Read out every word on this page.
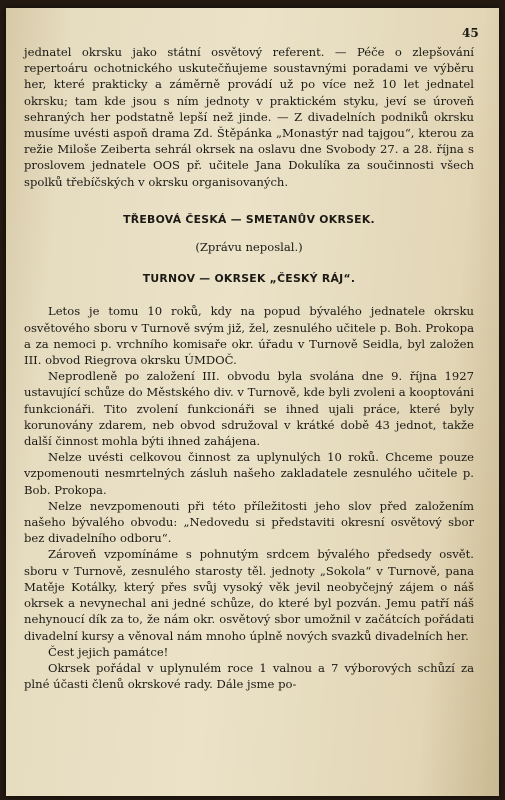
45

jednatel okrsku jako státní osvětový referent. — Péče o zlepšování repertoáru ochotnického uskutečňujeme soustavnými poradami ve výběru her, které prakticky a záměrně provádí už po více než 10 let jednatel okrsku; tam kde jsou s ním jednoty v praktickém styku, jeví se úroveň sehraných her podstatně lepší než jinde. — Z divadelních podniků okrsku musíme uvésti aspoň drama Zd. Štěpánka „Monastýr nad tajgou“, kterou za režie Miloše Zeiberta sehrál okrsek na oslavu dne Svobody 27. a 28. října s proslovem jednatele OOS př. učitele Jana Dokulíka za součinnosti všech spolků třebíčských v okrsku organisovaných.

TŘEBOVÁ ČESKÁ — SMETANŮV OKRSEK.

(Zprávu neposlal.)

TURNOV — OKRSEK „ČESKÝ RÁJ“.

Letos je tomu 10 roků, kdy na popud bývalého jednatele okrsku osvětového sboru v Turnově svým již, žel, zesnulého učitele p. Boh. Prokopa a za nemoci p. vrchního komisaře okr. úřadu v Turnově Seidla, byl založen III. obvod Riegrova okrsku ÚMDOČ.

Neprodleně po založení III. obvodu byla svolána dne 9. října 1927 ustavující schůze do Městského div. v Turnově, kde byli zvoleni a kooptováni funkcionáři. Tito zvolení funkcionáři se ihned ujali práce, které byly korunovány zdarem, neb obvod sdružoval v krátké době 43 jednot, takže další činnost mohla býti ihned zahájena.

Nelze uvésti celkovou činnost za uplynulých 10 roků. Chceme pouze vzpomenouti nesmrtelných zásluh našeho zakladatele zesnulého učitele p. Bob. Prokopa.

Nelze nevzpomenouti při této příležitosti jeho slov před založením našeho bývalého obvodu: „Nedovedu si představiti okresní osvětový sbor bez divadelního odboru“.

Zároveň vzpomínáme s pohnutým srdcem bývalého předsedy osvět. sboru v Turnově, zesnulého starosty těl. jednoty „Sokola“ v Turnově, pana Matěje Kotálky, který přes svůj vysoký věk jevil neobyčejný zájem o náš okrsek a nevynechal ani jedné schůze, do které byl pozván. Jemu patří náš nehynoucí dík za to, že nám okr. osvětový sbor umožnil v začátcích pořádati divadelní kursy a věnoval nám mnoho úplně nových svazků divadelních her.

Čest jejich památce!

Okrsek pořádal v uplynulém roce 1 valnou a 7 výborových schůzí za plné účasti členů okrskové rady. Dále jsme po-
